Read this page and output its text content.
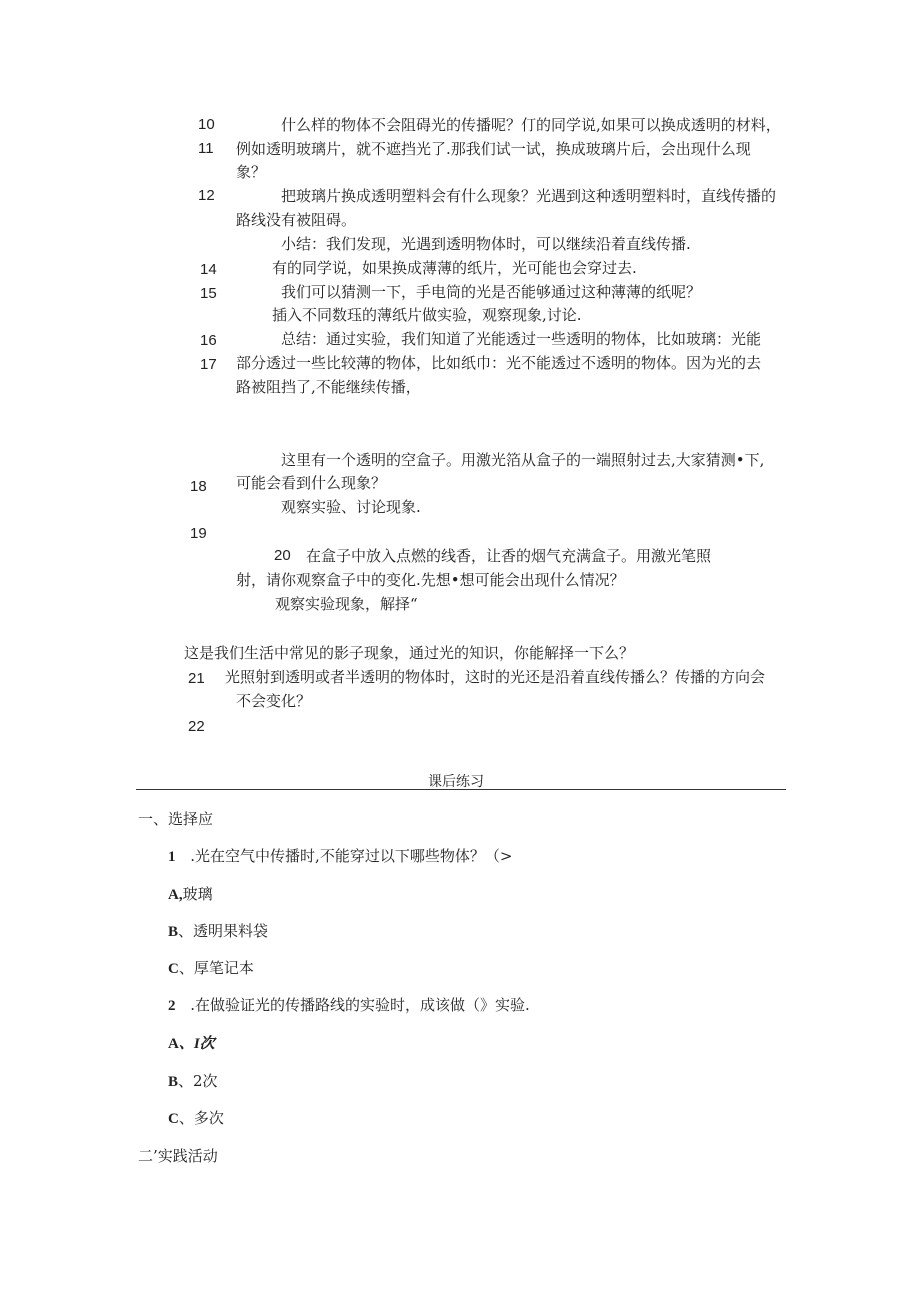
10
11
12
14
15
16
17
18
19
20
21
22
什么样的物体不会阻碍光的传播呢？仃的同学说,如果可以换成透明的材料，
例如透明玻璃片，就不遮挡光了.那我们试一试，换成玻璃片后，会出现什么现
象？
把玻璃片换成透明塑料会有什么现象？光遇到这种透明塑料时，直线传播的
路线没有被阻碍。
小结：我们发现，光遇到透明物体时，可以继续沿着直线传播.
有的同学说，如果换成薄薄的纸片，光可能也会穿过去.
我们可以猜测一下，手电筒的光是否能够通过这种薄薄的纸呢？
插入不同数珏的薄纸片做实验，观察现象,讨论.
总结：通过实验，我们知道了光能透过一些透明的物体，比如玻璃：光能
部分透过一些比较薄的物体，比如纸巾：光不能透过不透明的物体。因为光的去
路被阻挡了,不能继续传播，
这里有一个透明的空盒子。用激光箔从盒子的一端照射过去,大家猜测•下,
可能会看到什么现象？
观察实验、讨论现象.
在盒子中放入点燃的线香，让香的烟气充满盒子。用激光笔照
射，请你观察盒子中的变化.先想•想可能会出现什么情况？
观察实验现象，解择“
这是我们生活中常见的影子现象，通过光的知识，你能解择一下么？
光照射到透明或者半透明的物体时，这时的光还是沿着直线传播么？传播的方向会
不会变化？
课后练习
一、选择应
1 .光在空气中传播时,不能穿过以下哪些物体？（>
A,玻璃
B、透明果料袋
C、厚笔记本
2 .在做验证光的传播路线的实验时，成该做（》实验.
A、I次
B、2次
C、多次
二’实践活动
